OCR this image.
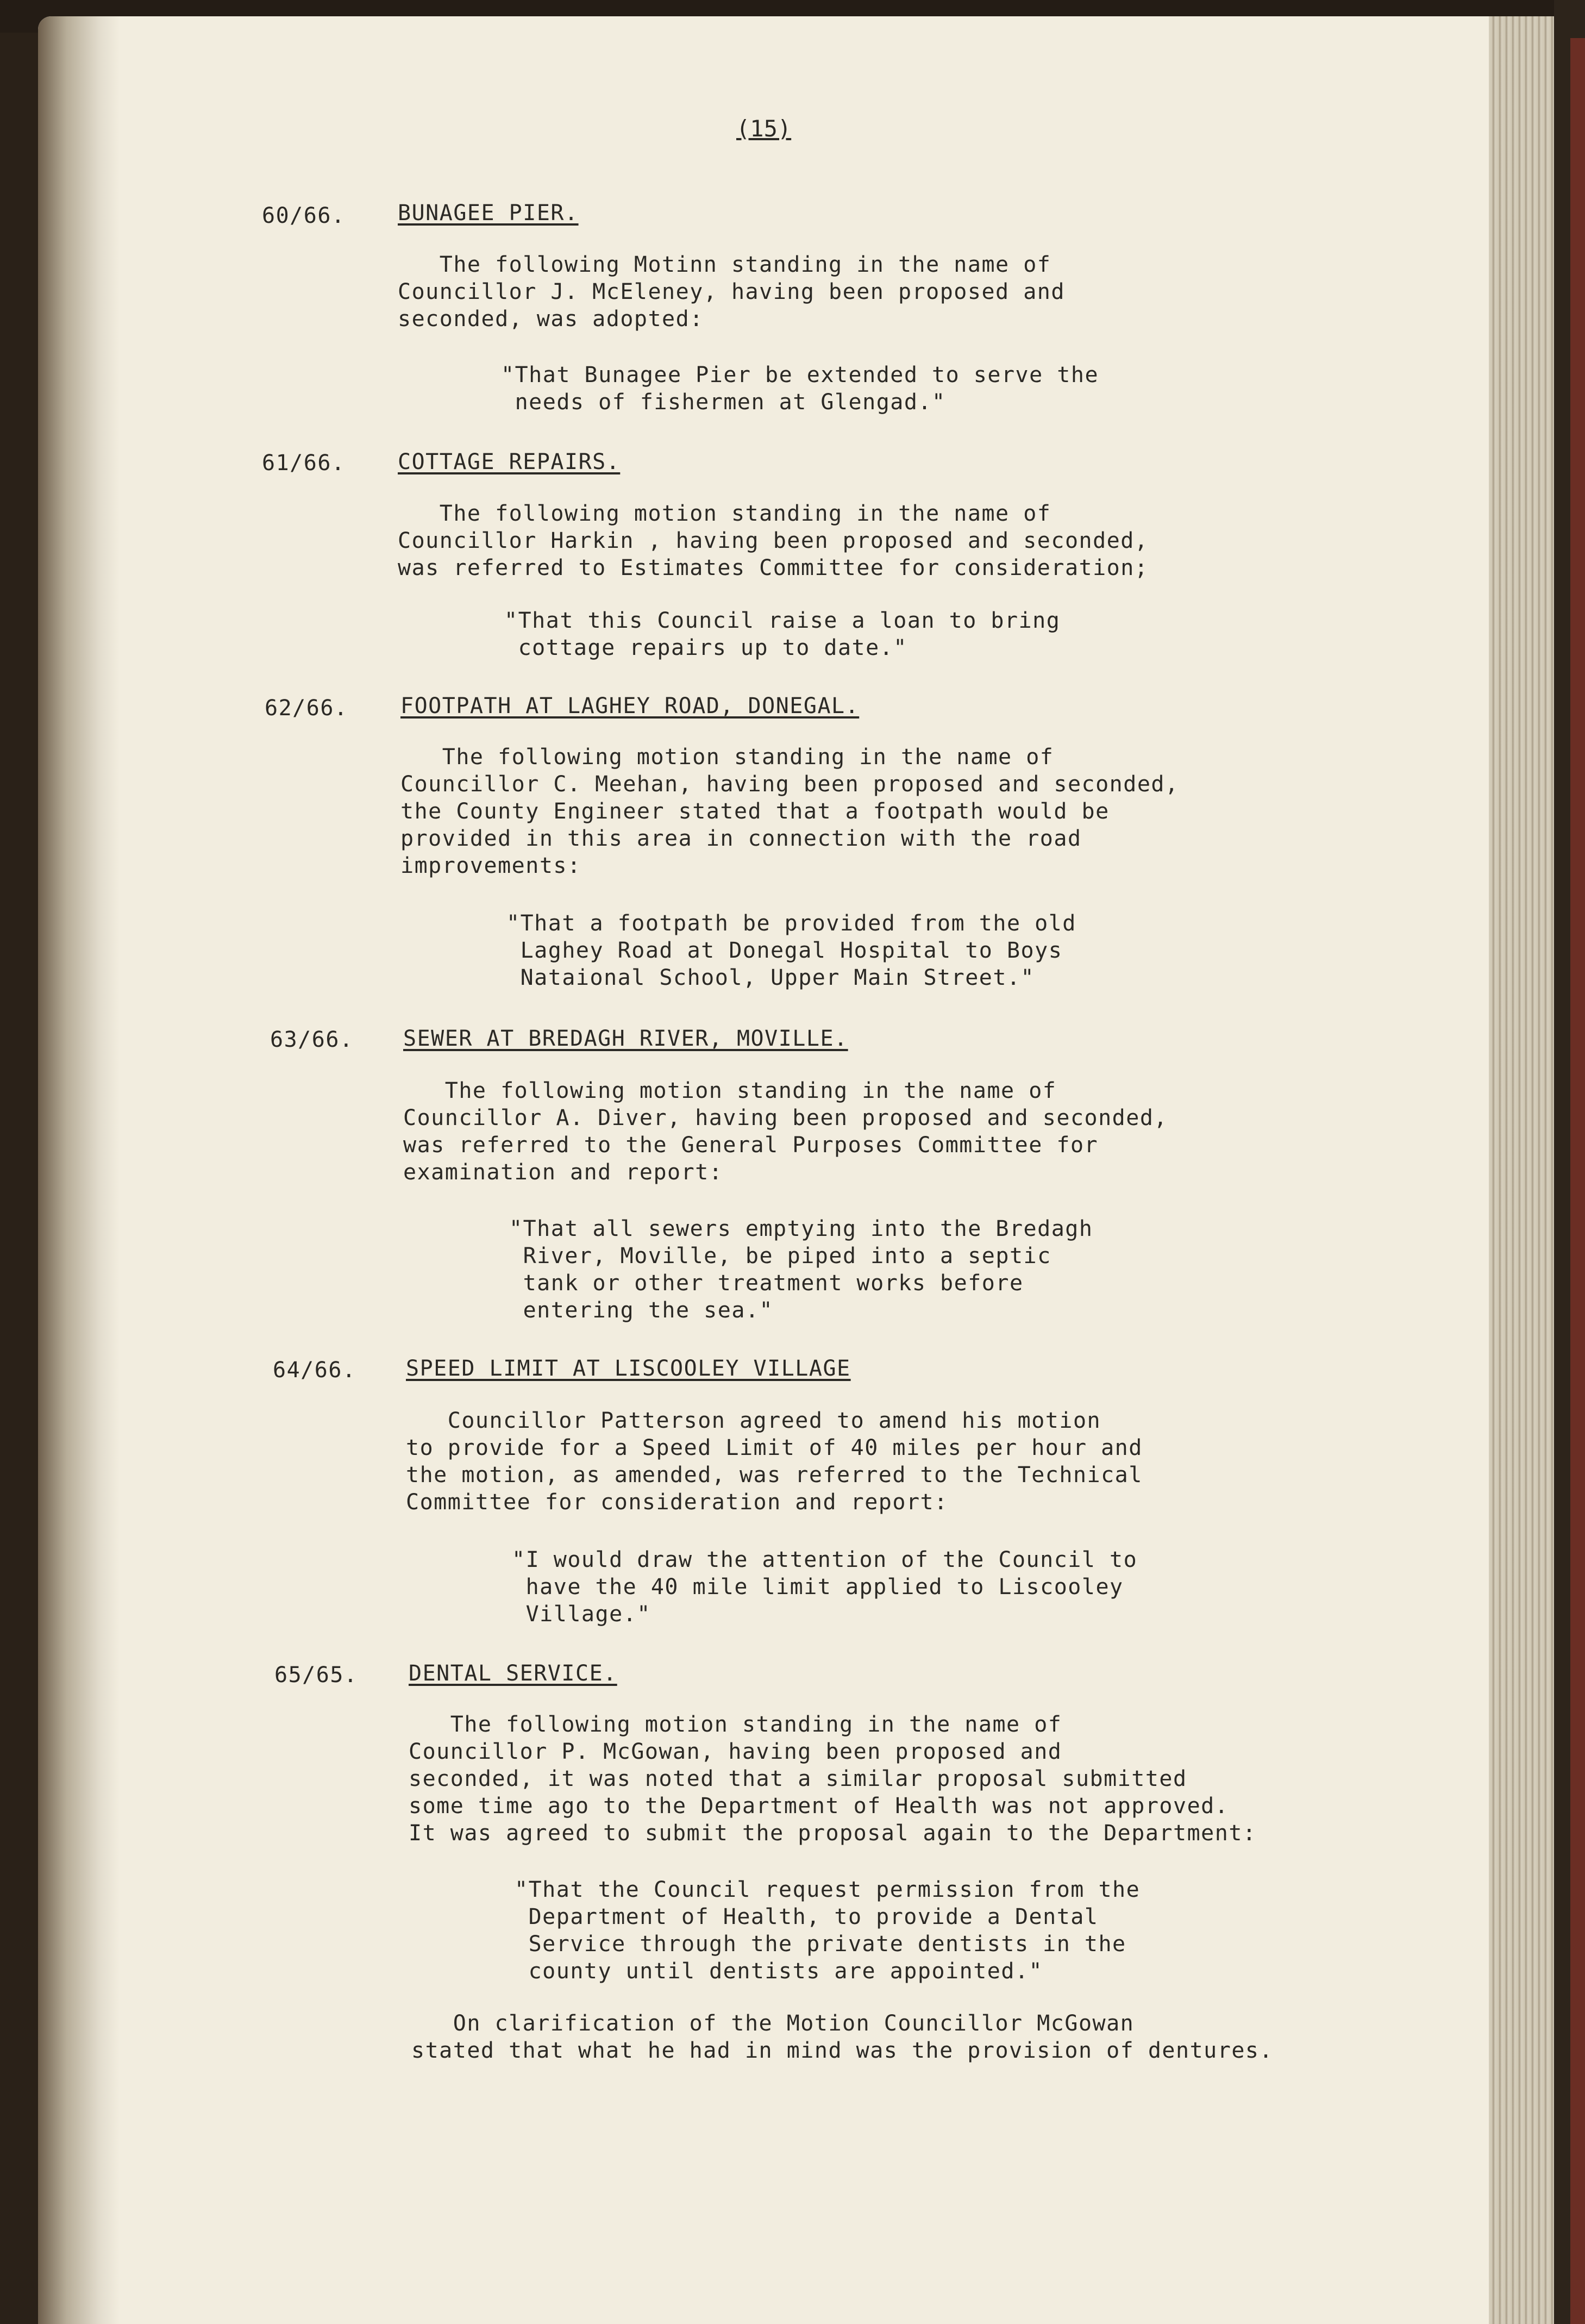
(15)
60/66. BUNAGEE PIER.
The following Motinn standing in the name of
Councillor J. McEleney, having been proposed and
seconded, was adopted:
"That Bunagee Pier be extended to serve the
needs of fishermen at Glengad."
61/66. COTTAGE REPAIRS.
The following motion standing in the name of
Councillor Harkin , having been proposed and seconded,
was referred to Estimates Committee for consideration;
"That this Council raise a loan to bring
cottage repairs up to date."
62/66. FOOTPATH AT LAGHEY ROAD, DONEGAL.
The following motion standing in the name of
Councillor C. Meehan, having been proposed and seconded,
the County Engineer stated that a footpath would be
provided in this area in connection with the road
improvements:
"That a footpath be provided from the old
Laghey Road at Donegal Hospital to Boys
Nataional School, Upper Main Street."
63/66. SEWER AT BREDAGH RIVER, MOVILLE.
The following motion standing in the name of
Councillor A. Diver, having been proposed and seconded,
was referred to the General Purposes Committee for
examination and report:
"That all sewers emptying into the Bredagh
River, Moville, be piped into a septic
tank or other treatment works before
entering the sea."
64/66. SPEED LIMIT AT LISCOOLEY VILLAGE
Councillor Patterson agreed to amend his motion
to provide for a Speed Limit of 40 miles per hour and
the motion, as amended, was referred to the Technical
Committee for consideration and report:
"I would draw the attention of the Council to
have the 40 mile limit applied to Liscooley
Village."
65/65. DENTAL SERVICE.
The following motion standing in the name of
Councillor P. McGowan, having been proposed and
seconded, it was noted that a similar proposal submitted
some time ago to the Department of Health was not approved.
It was agreed to submit the proposal again to the Department:
"That the Council request permission from the
Department of Health, to provide a Dental
Service through the private dentists in the
county until dentists are appointed."
On clarification of the Motion Councillor McGowan
stated that what he had in mind was the provision of dentures.
